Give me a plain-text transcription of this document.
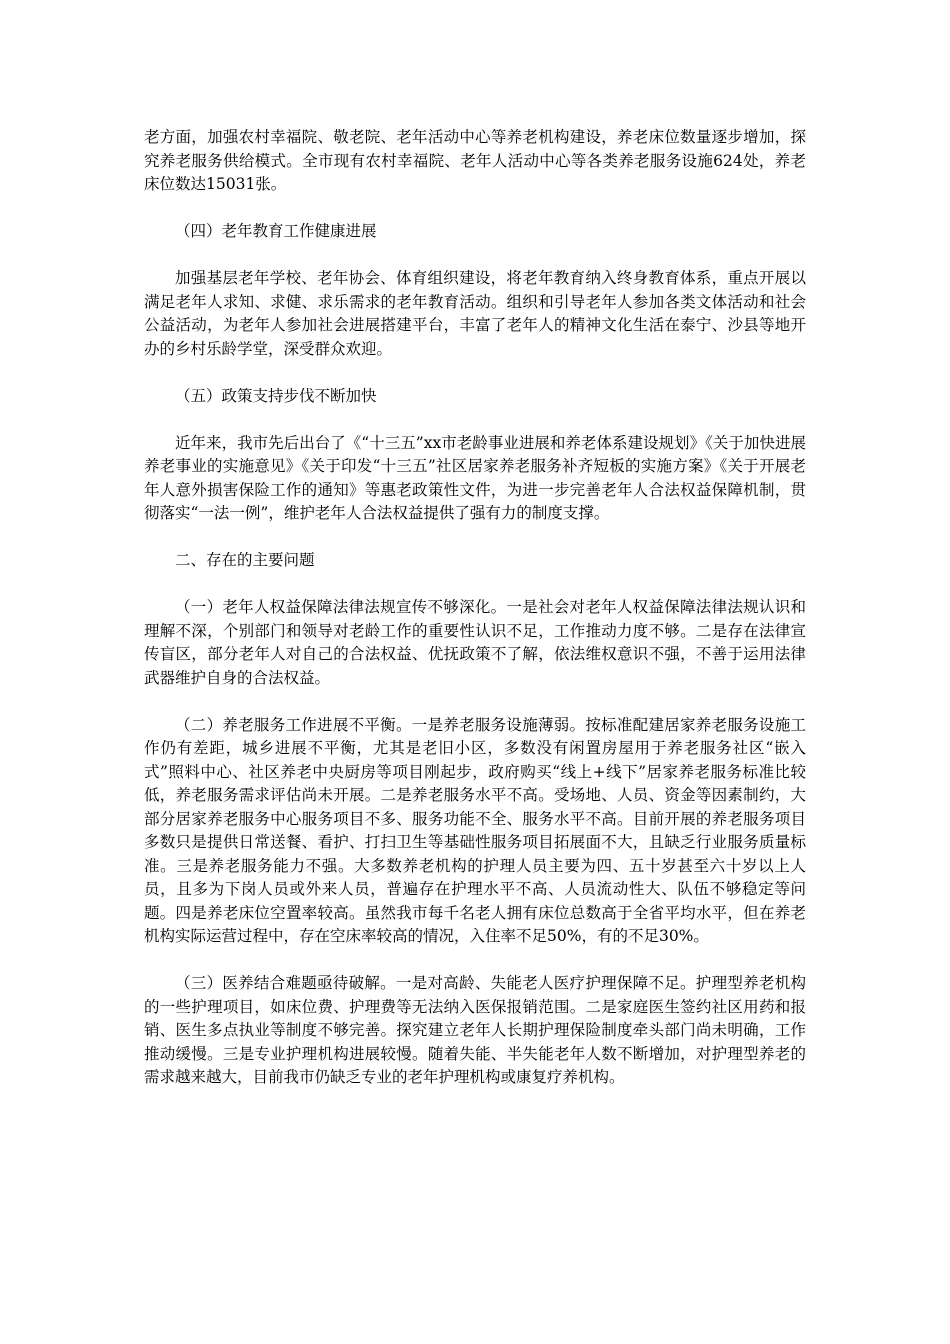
老方面，加强农村幸福院、敬老院、老年活动中心等养老机构建设，养老床位数量逐步增加，探究养老服务供给模式。全市现有农村幸福院、老年人活动中心等各类养老服务设施624处，养老床位数达15031张。

（四）老年教育工作健康进展

加强基层老年学校、老年协会、体育组织建设，将老年教育纳入终身教育体系，重点开展以满足老年人求知、求健、求乐需求的老年教育活动。组织和引导老年人参加各类文体活动和社会公益活动，为老年人参加社会进展搭建平台，丰富了老年人的精神文化生活在泰宁、沙县等地开办的乡村乐龄学堂，深受群众欢迎。

（五）政策支持步伐不断加快

近年来，我市先后出台了《“十三五”xx市老龄事业进展和养老体系建设规划》《关于加快进展养老事业的实施意见》《关于印发“十三五”社区居家养老服务补齐短板的实施方案》《关于开展老年人意外损害保险工作的通知》等惠老政策性文件，为进一步完善老年人合法权益保障机制，贯彻落实“一法一例”，维护老年人合法权益提供了强有力的制度支撑。

二、存在的主要问题

（一）老年人权益保障法律法规宣传不够深化。一是社会对老年人权益保障法律法规认识和理解不深，个别部门和领导对老龄工作的重要性认识不足，工作推动力度不够。二是存在法律宣传盲区，部分老年人对自己的合法权益、优抚政策不了解，依法维权意识不强，不善于运用法律武器维护自身的合法权益。

（二）养老服务工作进展不平衡。一是养老服务设施薄弱。按标准配建居家养老服务设施工作仍有差距，城乡进展不平衡，尤其是老旧小区，多数没有闲置房屋用于养老服务社区“嵌入式”照料中心、社区养老中央厨房等项目刚起步，政府购买“线上+线下”居家养老服务标准比较低，养老服务需求评估尚未开展。二是养老服务水平不高。受场地、人员、资金等因素制约，大部分居家养老服务中心服务项目不多、服务功能不全、服务水平不高。目前开展的养老服务项目多数只是提供日常送餐、看护、打扫卫生等基础性服务项目拓展面不大，且缺乏行业服务质量标准。三是养老服务能力不强。大多数养老机构的护理人员主要为四、五十岁甚至六十岁以上人员，且多为下岗人员或外来人员，普遍存在护理水平不高、人员流动性大、队伍不够稳定等问题。四是养老床位空置率较高。虽然我市每千名老人拥有床位总数高于全省平均水平，但在养老机构实际运营过程中，存在空床率较高的情况，入住率不足50%，有的不足30%。

（三）医养结合难题亟待破解。一是对高龄、失能老人医疗护理保障不足。护理型养老机构的一些护理项目，如床位费、护理费等无法纳入医保报销范围。二是家庭医生签约社区用药和报销、医生多点执业等制度不够完善。探究建立老年人长期护理保险制度牵头部门尚未明确，工作推动缓慢。三是专业护理机构进展较慢。随着失能、半失能老年人数不断增加，对护理型养老的需求越来越大，目前我市仍缺乏专业的老年护理机构或康复疗养机构。
